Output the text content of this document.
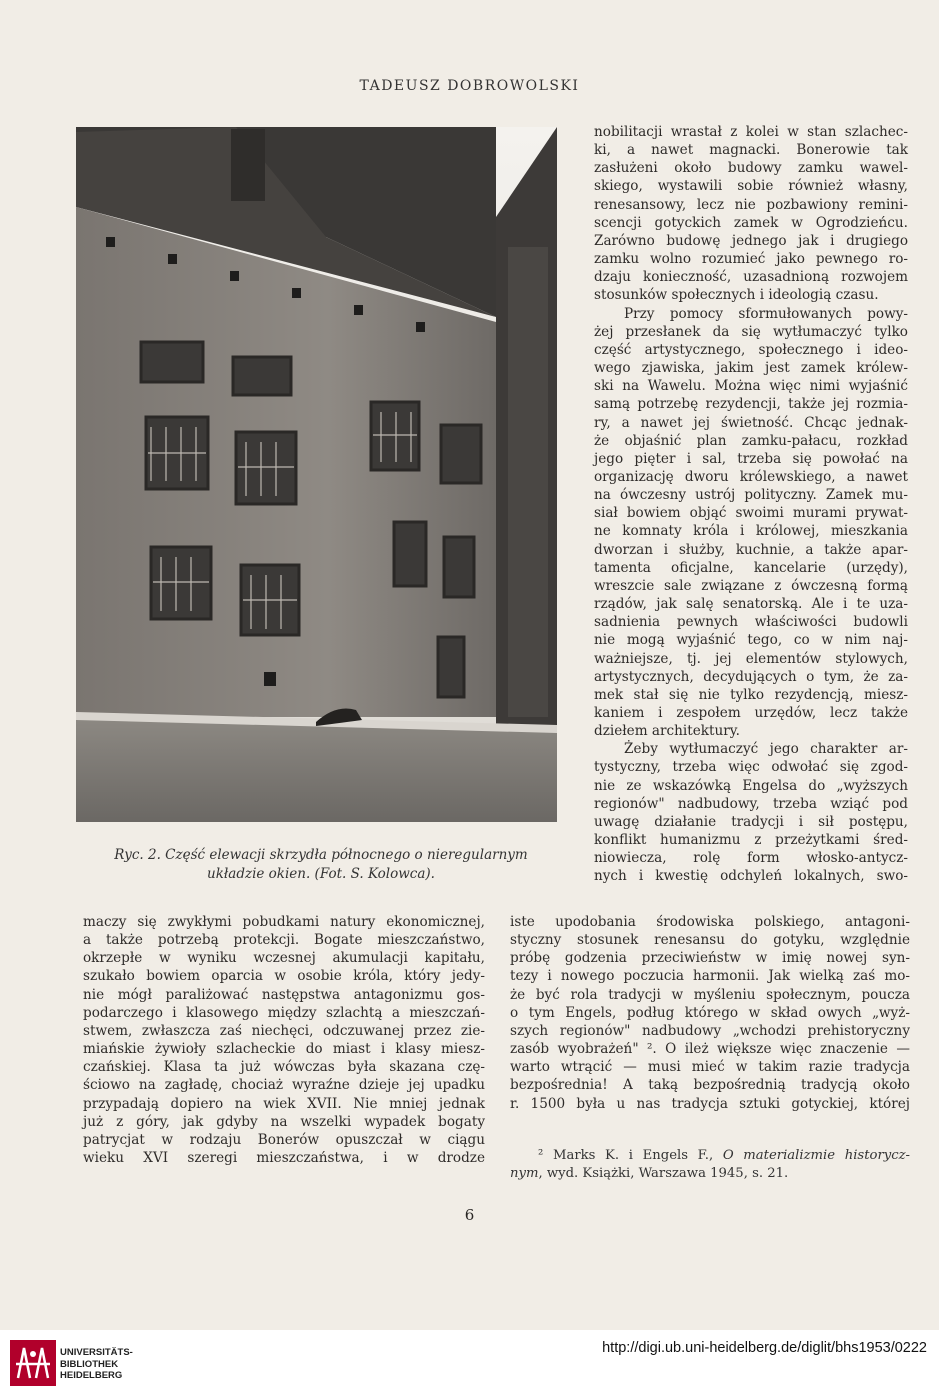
TADEUSZ DOBROWOLSKI
Ryc. 2. Część elewacji skrzydła północnego o nieregularnym
układzie okien. (Fot. S. Kolowca).
nobilitacji wrastał z kolei w stan szlachec-
ki, a nawet magnacki. Bonerowie tak
zasłużeni około budowy zamku wawel-
skiego, wystawili sobie również własny,
renesansowy, lecz nie pozbawiony remini-
scencji gotyckich zamek w Ogrodzieńcu.
Zarówno budowę jednego jak i drugiego
zamku wolno rozumieć jako pewnego ro-
dzaju konieczność, uzasadnioną rozwojem
stosunków społecznych i ideologią czasu.
Przy pomocy sformułowanych powy-
żej przesłanek da się wytłumaczyć tylko
część artystycznego, społecznego i ideo-
wego zjawiska, jakim jest zamek królew-
ski na Wawelu. Można więc nimi wyjaśnić
samą potrzebę rezydencji, także jej rozmia-
ry, a nawet jej świetność. Chcąc jednak-
że objaśnić plan zamku-pałacu, rozkład
jego pięter i sal, trzeba się powołać na
organizację dworu królewskiego, a nawet
na ówczesny ustrój polityczny. Zamek mu-
siał bowiem objąć swoimi murami prywat-
ne komnaty króla i królowej, mieszkania
dworzan i służby, kuchnie, a także apar-
tamenta oficjalne, kancelarie (urzędy),
wreszcie sale związane z ówczesną formą
rządów, jak salę senatorską. Ale i te uza-
sadnienia pewnych właściwości budowli
nie mogą wyjaśnić tego, co w nim naj-
ważniejsze, tj. jej elementów stylowych,
artystycznych, decydujących o tym, że za-
mek stał się nie tylko rezydencją, miesz-
kaniem i zespołem urzędów, lecz także
dziełem architektury.
Żeby wytłumaczyć jego charakter ar-
tystyczny, trzeba więc odwołać się zgod-
nie ze wskazówką Engelsa do „wyższych
regionów" nadbudowy, trzeba wziąć pod
uwagę działanie tradycji i sił postępu,
konflikt humanizmu z przeżytkami śred-
niowiecza, rolę form włosko-antycz-
nych i kwestię odchyleń lokalnych, swo-
maczy się zwykłymi pobudkami natury ekonomicznej,
a także potrzebą protekcji. Bogate mieszczaństwo,
okrzepłe w wyniku wczesnej akumulacji kapitału,
szukało bowiem oparcia w osobie króla, który jedy-
nie mógł paraliżować następstwa antagonizmu gos-
podarczego i klasowego między szlachtą a mieszczań-
stwem, zwłaszcza zaś niechęci, odczuwanej przez zie-
miańskie żywioły szlacheckie do miast i klasy miesz-
czańskiej. Klasa ta już wówczas była skazana czę-
ściowo na zagładę, chociaż wyraźne dzieje jej upadku
przypadają dopiero na wiek XVII. Nie mniej jednak
już z góry, jak gdyby na wszelki wypadek bogaty
patrycjat w rodzaju Bonerów opuszczał w ciągu
wieku XVI szeregi mieszczaństwa, i w drodze
iste upodobania środowiska polskiego, antagoni-
styczny stosunek renesansu do gotyku, względnie
próbę godzenia przeciwieństw w imię nowej syn-
tezy i nowego poczucia harmonii. Jak wielką zaś mo-
że być rola tradycji w myśleniu społecznym, poucza
o tym Engels, podług którego w skład owych „wyż-
szych regionów" nadbudowy „wchodzi prehistoryczny
zasób wyobrażeń" ². O ileż większe więc znaczenie —
warto wtrącić — musi mieć w takim razie tradycja
bezpośrednia! A taką bezpośrednią tradycją około
r. 1500 była u nas tradycja sztuki gotyckiej, której
² Marks K. i Engels F., O materializmie historycz-
nym, wyd. Książki, Warszawa 1945, s. 21.
6
UNIVERSITÄTS-
BIBLIOTHEK
HEIDELBERG
http://digi.ub.uni-heidelberg.de/diglit/bhs1953/0222
